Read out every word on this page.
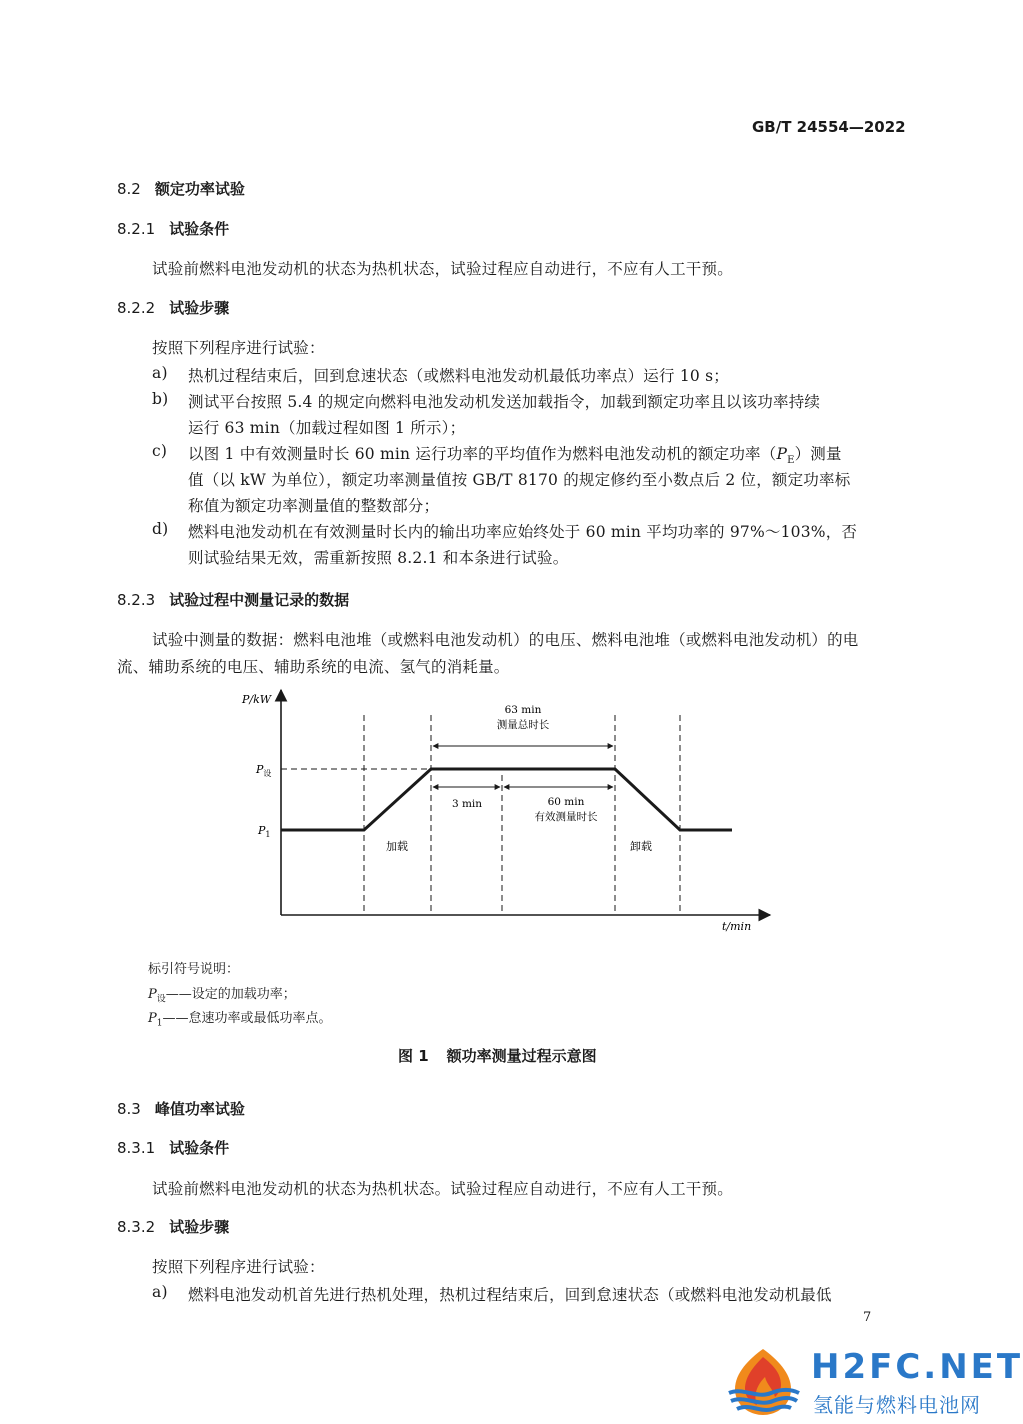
GB/T 24554—2022
8.2 额定功率试验
8.2.1 试验条件
试验前燃料电池发动机的状态为热机状态，试验过程应自动进行，不应有人工干预。
8.2.2 试验步骤
按照下列程序进行试验：
a) 热机过程结束后，回到怠速状态（或燃料电池发动机最低功率点）运行 10 s；
b) 测试平台按照 5.4 的规定向燃料电池发动机发送加载指令，加载到额定功率且以该功率持续
运行 63 min（加载过程如图 1 所示）；
c) 以图 1 中有效测量时长 60 min 运行功率的平均值作为燃料电池发动机的额定功率$(P_E)$测量
值（以 kW 为单位），额定功率测量值按 GB/T 8170 的规定修约至小数点后 2 位，额定功率标
称值为额定功率测量值的整数部分；
d) 燃料电池发动机在有效测量时长内的输出功率应始终处于 60 min 平均功率的 97%～103%，否
则试验结果无效，需重新按照 8.2.1 和本条进行试验。
8.2.3 试验过程中测量记录的数据
试验中测量的数据：燃料电池堆（或燃料电池发动机）的电压、燃料电池堆（或燃料电池发动机）的电
流、辅助系统的电压、辅助系统的电流、氢气的消耗量。
P/kW
t/min
$P_设$
$P_1$
63 min
测量总时长
3 min	60 min
有效测量时长
加载	卸载
标引符号说明：
$P_设——$设定的加载功率；
$P_1——$怠速功率或最低功率点。
图 1 额功率测量过程示意图
8.3 峰值功率试验
8.3.1 试验条件
试验前燃料电池发动机的状态为热机状态。试验过程应自动进行，不应有人工干预。
8.3.2 试验步骤
按照下列程序进行试验：
a) 燃料电池发动机首先进行热机处理，热机过程结束后，回到怠速状态（或燃料电池发动机最低
7
H2FC.NET
氢能与燃料电池网
